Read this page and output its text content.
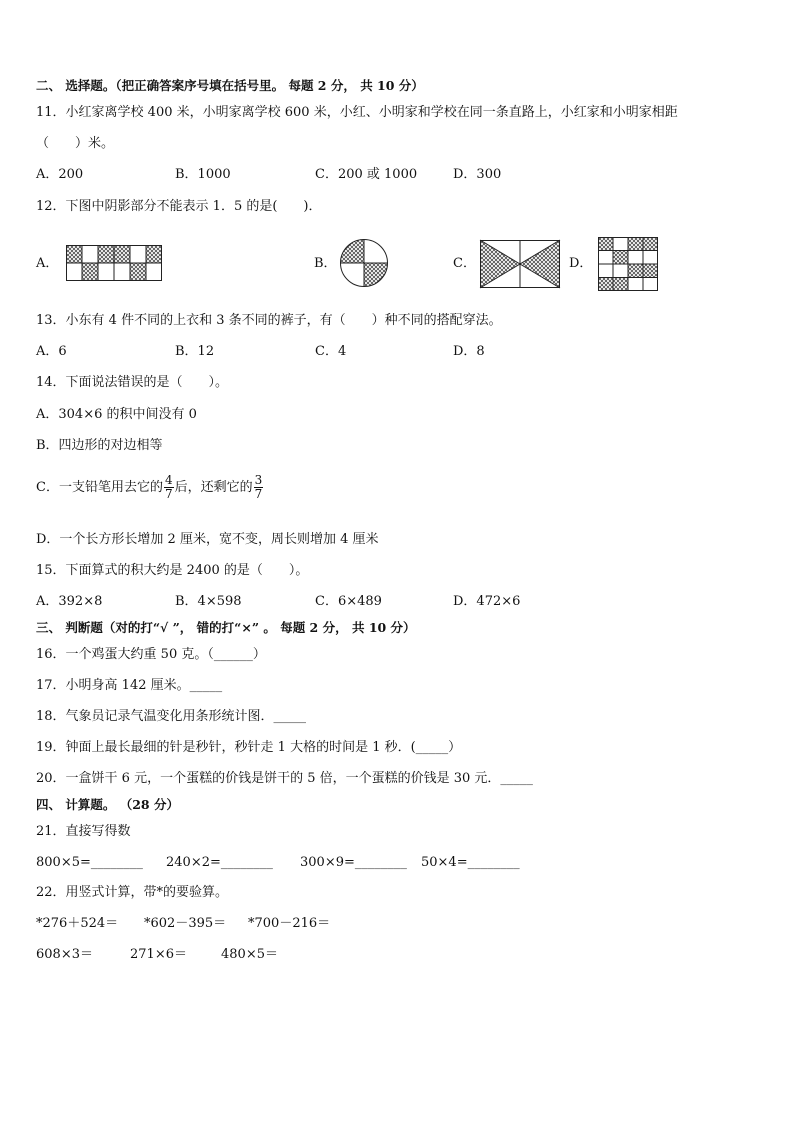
二、 选择题。（把正确答案序号填在括号里。 每题 2 分， 共 10 分）
11．小红家离学校 400 米，小明家离学校 600 米，小红、小明家和学校在同一条直路上，小红家和小明家相距
（　　）米。
A．200	B．1000	C．200 或 1000	D．300
12．下图中阴影部分不能表示 1．5 的是(　　)．
A．	B．	C．	D．
13．小东有 4 件不同的上衣和 3 条不同的裤子，有（　　）种不同的搭配穿法。
A．6	B．12	C．4	D．8
14．下面说法错误的是（　　）。
A．304×6 的积中间没有 0
B．四边形的对边相等
C．一支铅笔用去它的 $\frac{4}{7}$ 后，还剩它的 $\frac{3}{7}$
D．一个长方形长增加 2 厘米，宽不变，周长则增加 4 厘米
15．下面算式的积大约是 2400 的是（　　）。
A．392×8	B．4×598	C．6×489	D．472×6
三、 判断题（对的打“√ ”， 错的打“×” 。 每题 2 分， 共 10 分）
16．一个鸡蛋大约重 50 克。（______）
17．小明身高 142 厘米。_____
18．气象员记录气温变化用条形统计图．_____
19．钟面上最长最细的针是秒针，秒针走 1 大格的时间是 1 秒．(_____）
20．一盒饼干 6 元，一个蛋糕的价钱是饼干的 5 倍，一个蛋糕的价钱是 30 元．_____
四、 计算题。 （28 分）
21．直接写得数
800×5=________ 240×2=________ 300×9=________ 50×4=________
22．用竖式计算，带*的要验算。
*276＋524＝ *602－395＝ *700－216＝
608×3＝	271×6＝	480×5＝
